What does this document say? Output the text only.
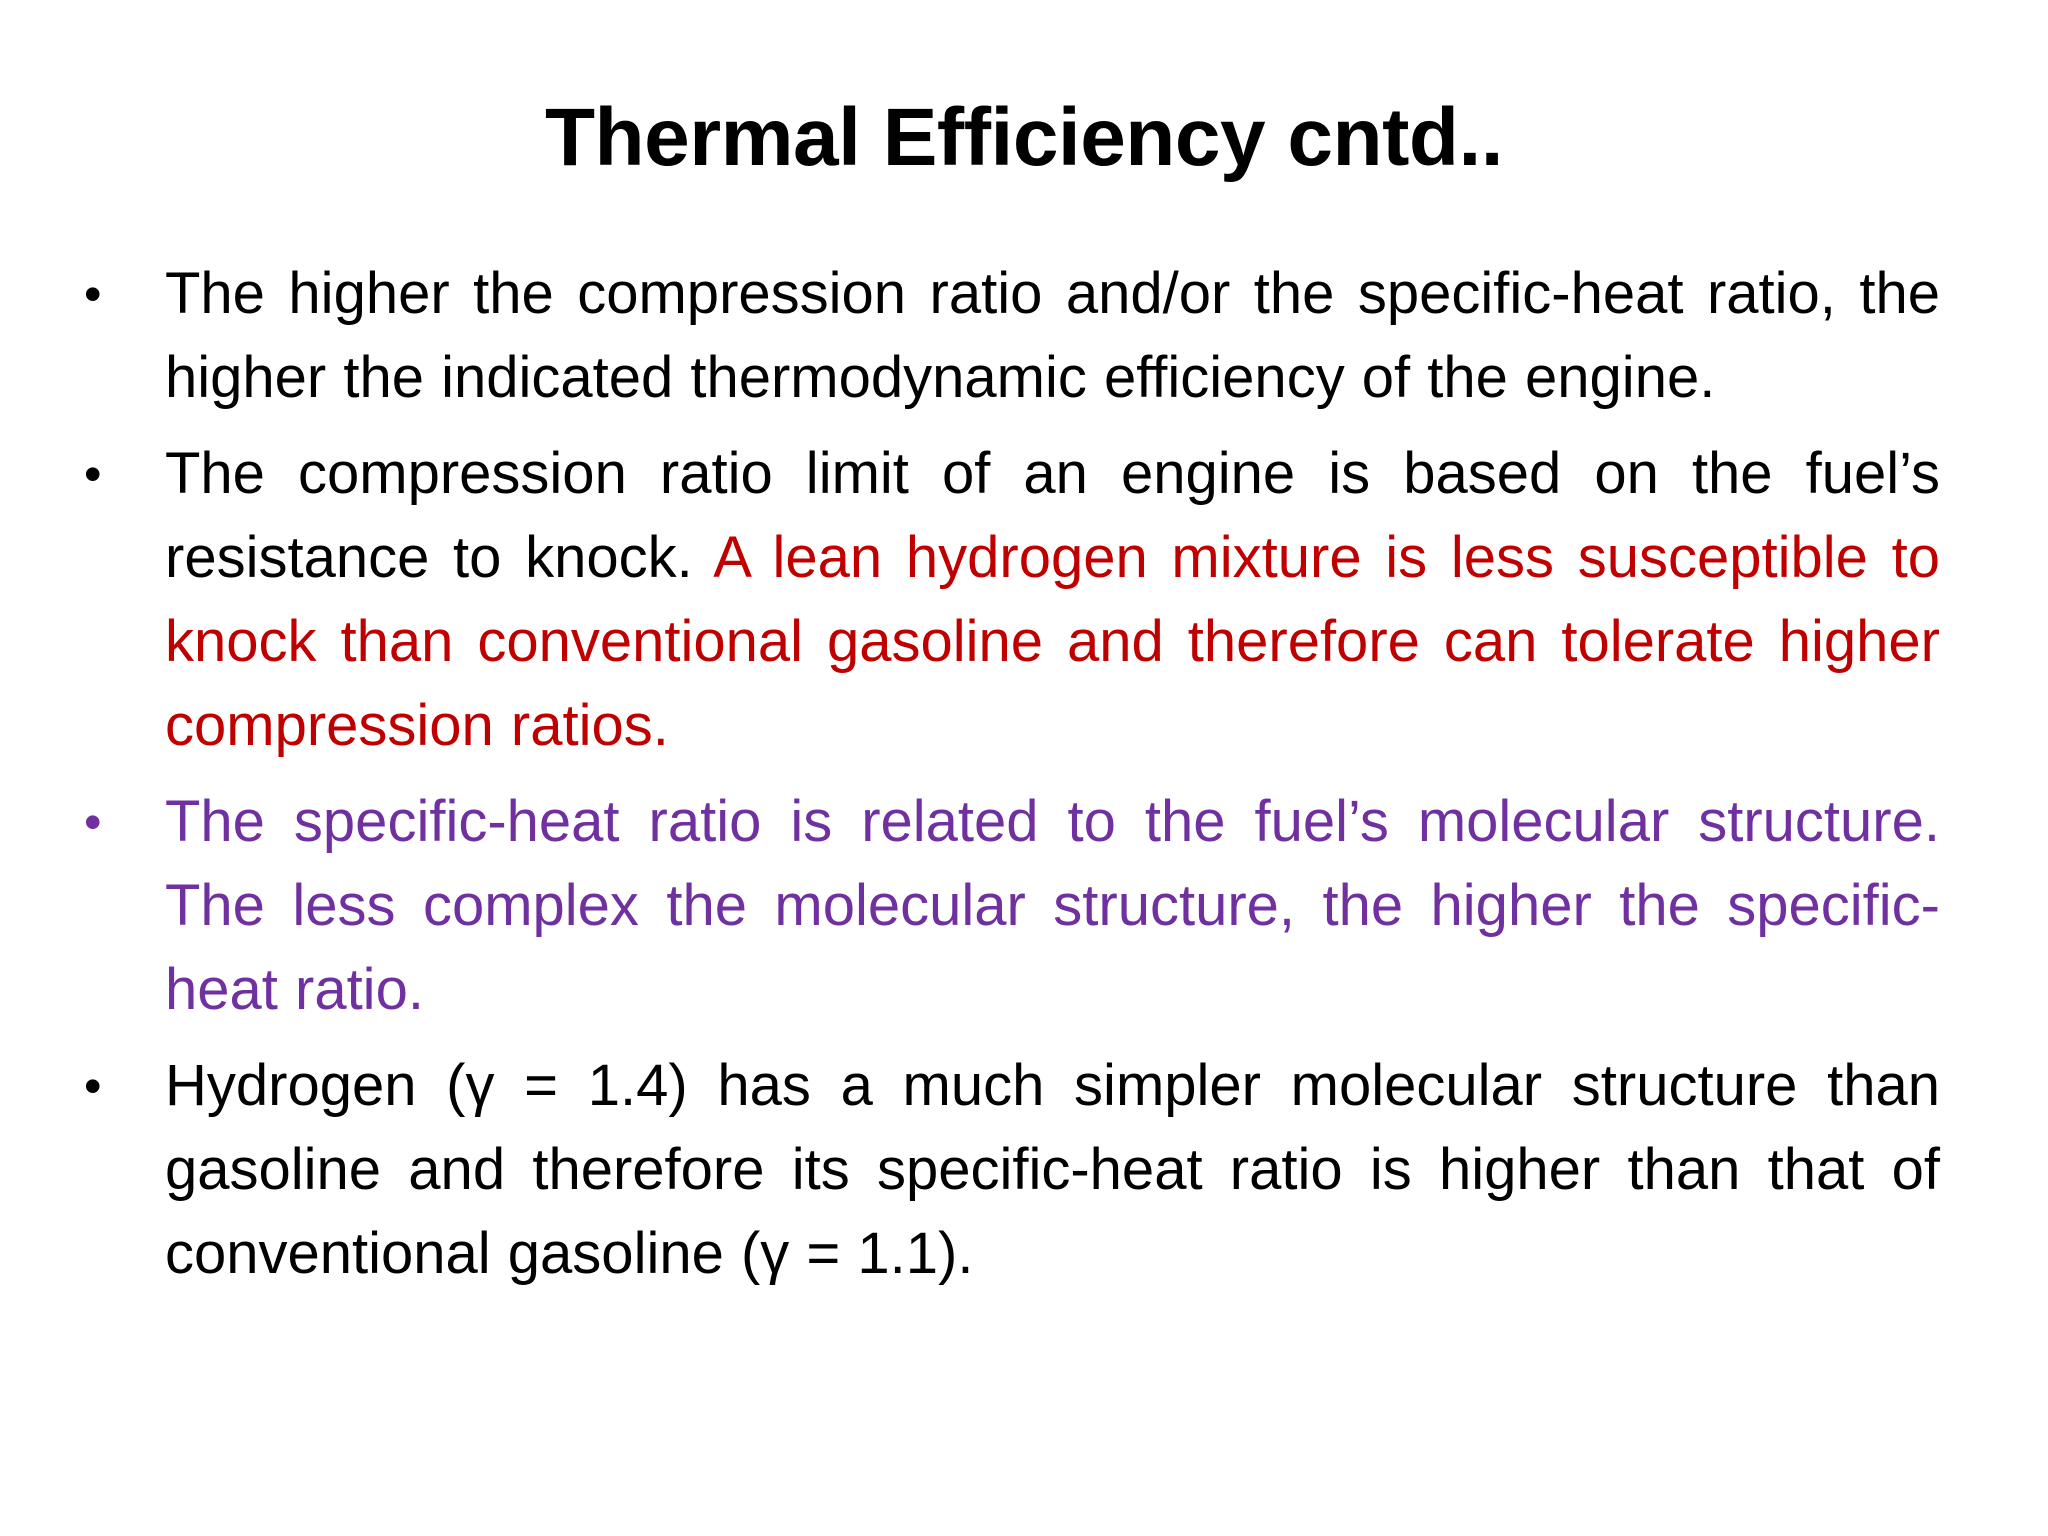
Thermal Efficiency cntd..
•	The higher the compression ratio and/or the specific-heat ratio, the higher the indicated thermodynamic efficiency of the engine.
•	The compression ratio limit of an engine is based on the fuel’s resistance to knock. A lean hydrogen mixture is less susceptible to knock than conventional gasoline and therefore can tolerate higher compression ratios.
•	The specific-heat ratio is related to the fuel’s molecular structure. The less complex the molecular structure, the higher the specific-heat ratio.
•	Hydrogen (γ = 1.4) has a much simpler molecular structure than gasoline and therefore its specific-heat ratio is higher than that of conventional gasoline (γ = 1.1).
